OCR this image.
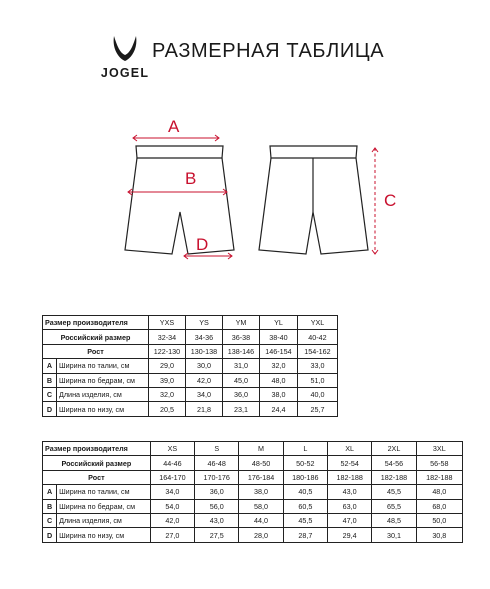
JOGEL
РАЗМЕРНАЯ ТАБЛИЦА
A
B
D
C
Размер производителя		YXS	YS	YM	YL	YXL
Российский размер		32-34	34-36	36-38	38-40	40-42
Рост		122-130	130-138	138-146	146-154	154-162
A	Ширина по талии, см	29,0	30,0	31,0	32,0	33,0
B	Ширина по бедрам, см	39,0	42,0	45,0	48,0	51,0
C	Длина изделия, см	32,0	34,0	36,0	38,0	40,0
D	Ширина по низу, см	20,5	21,8	23,1	24,4	25,7
Размер производителя		XS	S	M	L	XL	2XL	3XL
Российский размер		44-46	46-48	48-50	50-52	52-54	54-56	56-58
Рост		164-170	170-176	176-184	180-186	182-188	182-188	182-188
A	Ширина по талии, см	34,0	36,0	38,0	40,5	43,0	45,5	48,0
B	Ширина по бедрам, см	54,0	56,0	58,0	60,5	63,0	65,5	68,0
C	Длина изделия, см	42,0	43,0	44,0	45,5	47,0	48,5	50,0
D	Ширина по низу, см	27,0	27,5	28,0	28,7	29,4	30,1	30,8
